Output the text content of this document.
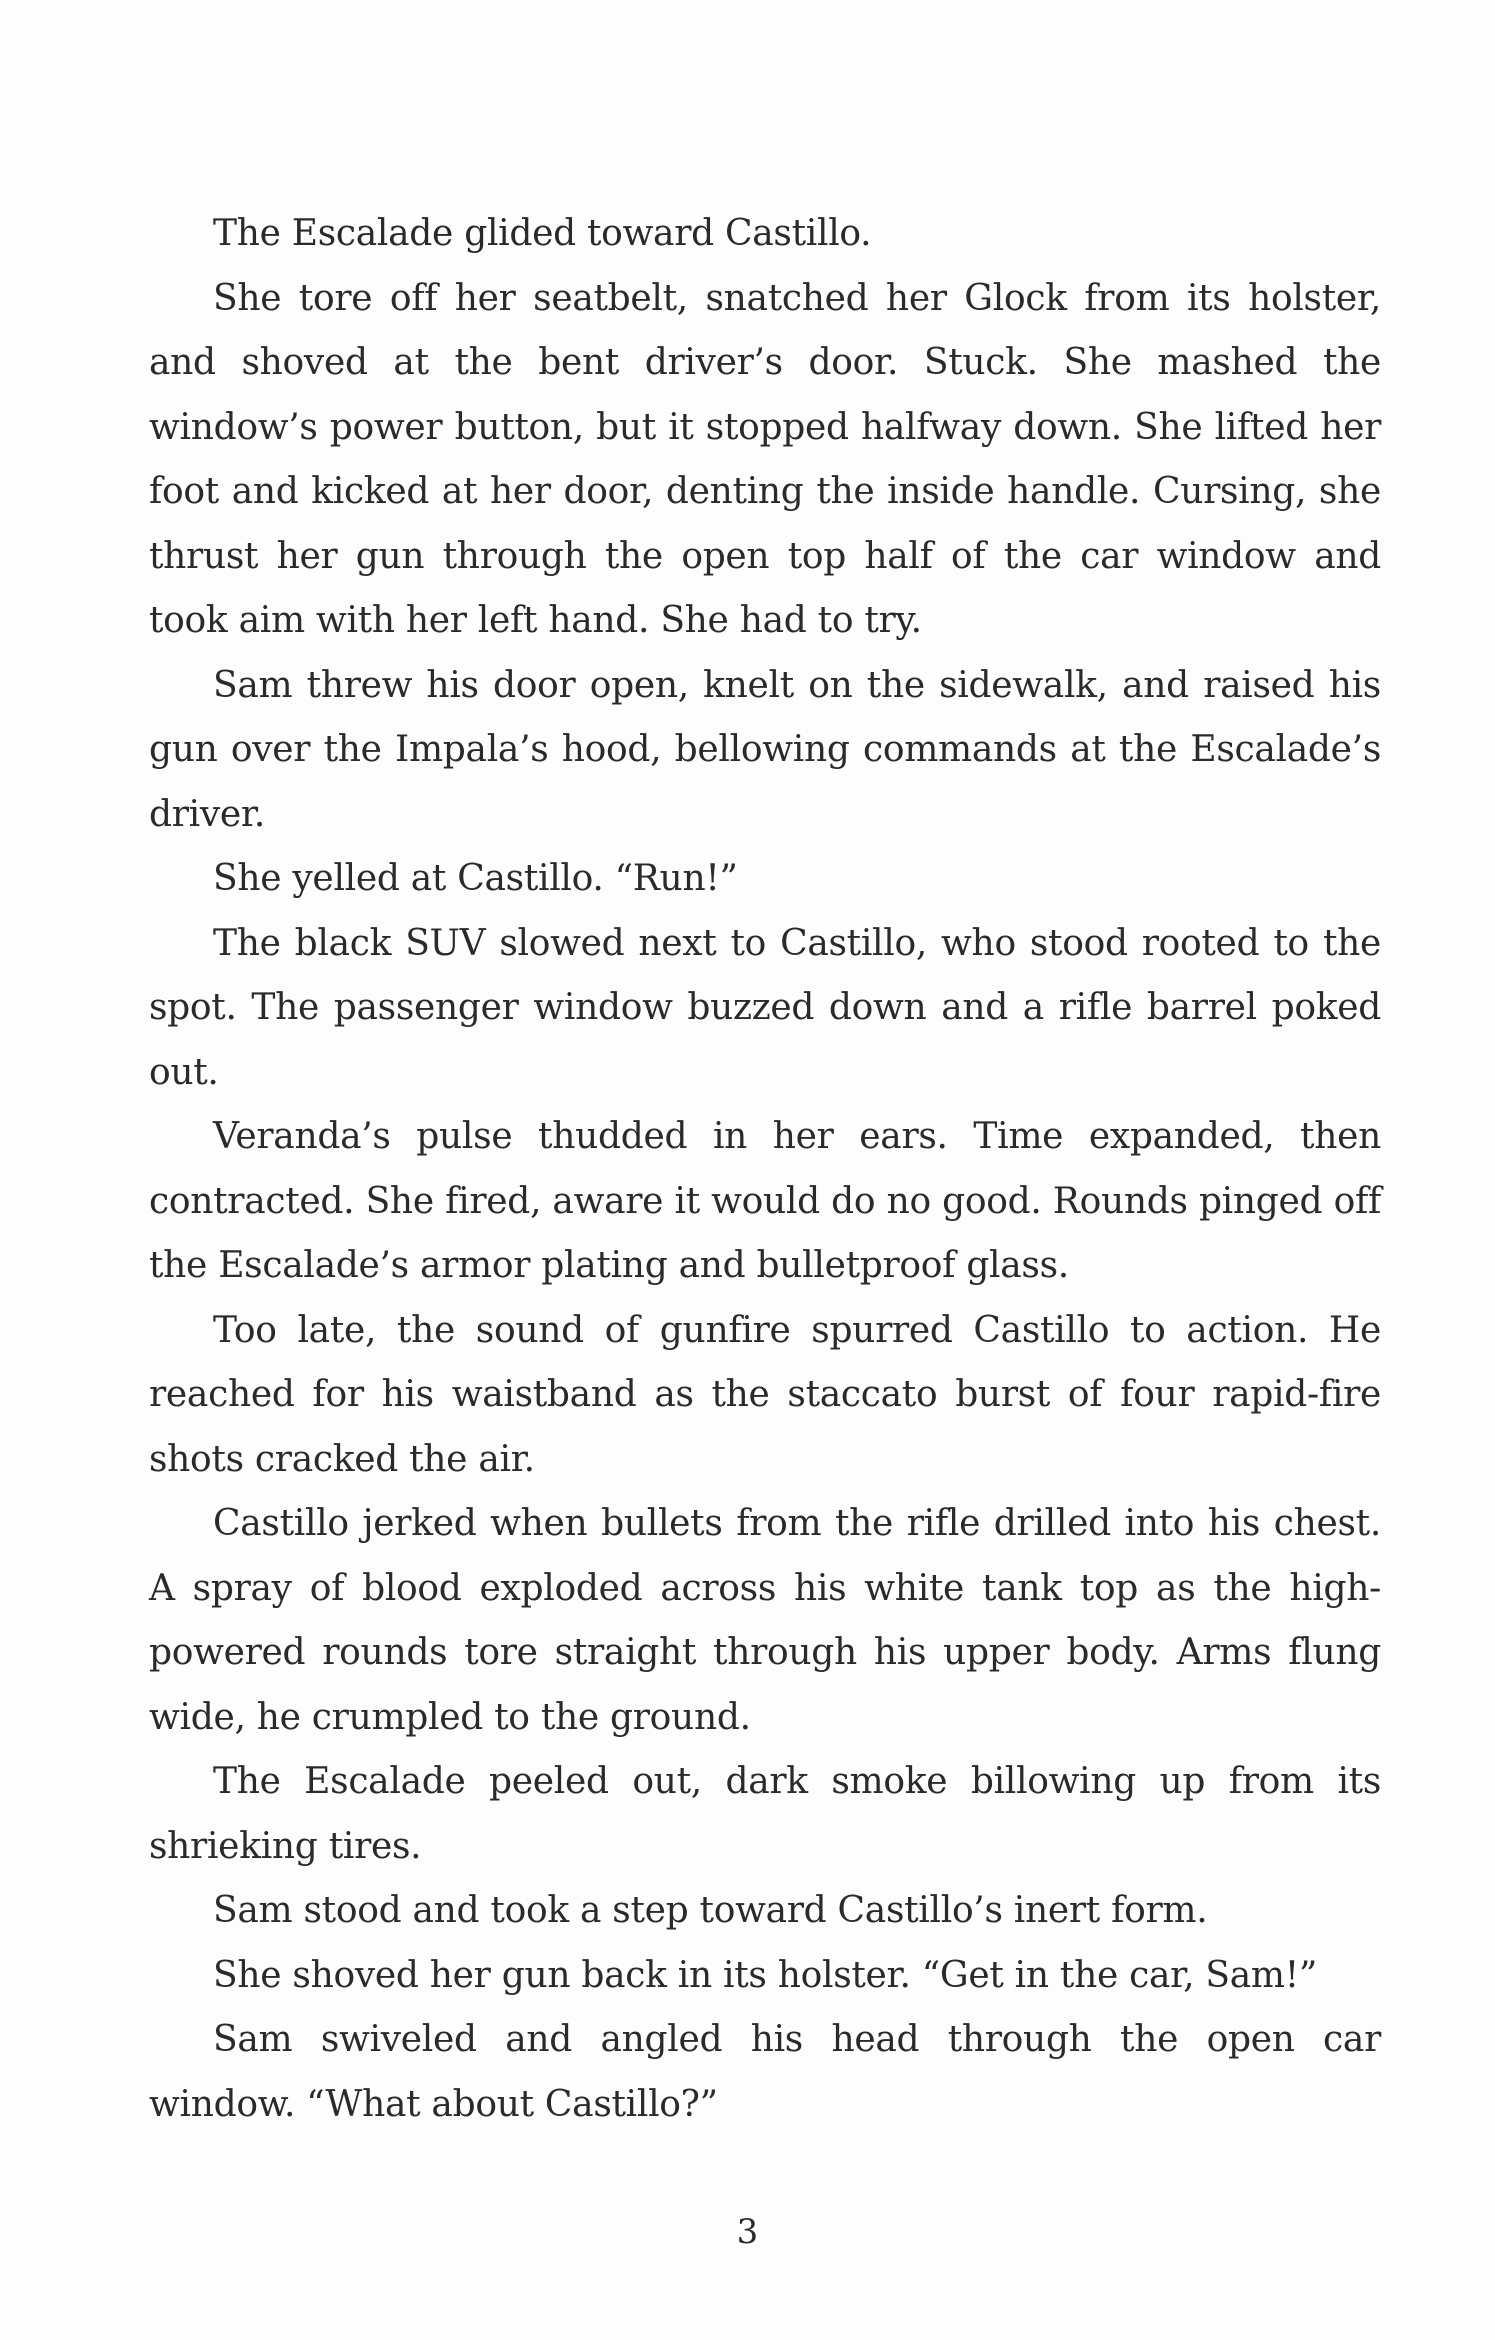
The Escalade glided toward Castillo.

She tore off her seatbelt, snatched her Glock from its holster, and shoved at the bent driver’s door. Stuck. She mashed the window’s power button, but it stopped halfway down. She lifted her foot and kicked at her door, denting the inside handle. Cursing, she thrust her gun through the open top half of the car window and took aim with her left hand. She had to try.

Sam threw his door open, knelt on the sidewalk, and raised his gun over the Impala’s hood, bellowing commands at the Escalade’s driver.

She yelled at Castillo. “Run!”

The black SUV slowed next to Castillo, who stood rooted to the spot. The passenger window buzzed down and a rifle barrel poked out.

Veranda’s pulse thudded in her ears. Time expanded, then contracted. She fired, aware it would do no good. Rounds pinged off the Escalade’s armor plating and bulletproof glass.

Too late, the sound of gunfire spurred Castillo to action. He reached for his waistband as the staccato burst of four rapid-fire shots cracked the air.

Castillo jerked when bullets from the rifle drilled into his chest. A spray of blood exploded across his white tank top as the high-powered rounds tore straight through his upper body. Arms flung wide, he crumpled to the ground.

The Escalade peeled out, dark smoke billowing up from its shrieking tires.

Sam stood and took a step toward Castillo’s inert form.

She shoved her gun back in its holster. “Get in the car, Sam!”

Sam swiveled and angled his head through the open car window. “What about Castillo?”

3
